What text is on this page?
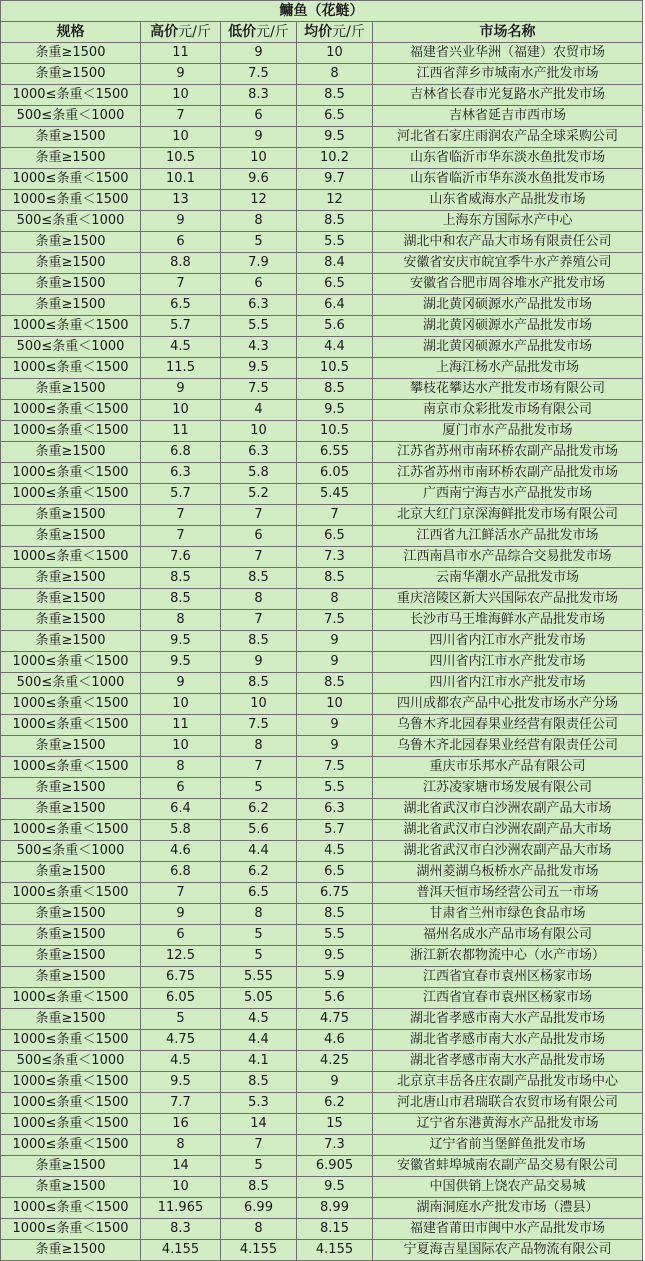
鳙鱼（花鲢）				
规格	高价元/斤	低价元/斤	均价元/斤	市场名称
条重≥1500	11	9	10	福建省兴业华洲（福建）农贸市场
条重≥1500	9	7.5	8	江西省萍乡市城南水产批发市场
1000≤条重＜1500	10	8.3	8.5	吉林省长春市光复路水产批发市场
500≤条重＜1000	7	6	6.5	吉林省延吉市西市场
条重≥1500	10	9	9.5	河北省石家庄雨润农产品全球采购公司
条重≥1500	10.5	10	10.2	山东省临沂市华东淡水鱼批发市场
1000≤条重＜1500	10.1	9.6	9.7	山东省临沂市华东淡水鱼批发市场
1000≤条重＜1500	13	12	12	山东省威海水产品批发市场
500≤条重＜1000	9	8	8.5	上海东方国际水产中心
条重≥1500	6	5	5.5	湖北中和农产品大市场有限责任公司
条重≥1500	8.8	7.9	8.4	安徽省安庆市皖宜季牛水产养殖公司
条重≥1500	7	6	6.5	安徽省合肥市周谷堆水产批发市场
条重≥1500	6.5	6.3	6.4	湖北黄冈硕源水产品批发市场
1000≤条重＜1500	5.7	5.5	5.6	湖北黄冈硕源水产品批发市场
500≤条重＜1000	4.5	4.3	4.4	湖北黄冈硕源水产品批发市场
1000≤条重＜1500	11.5	9.5	10.5	上海江杨水产品批发市场
条重≥1500	9	7.5	8.5	攀枝花攀达水产批发市场有限公司
1000≤条重＜1500	10	4	9.5	南京市众彩批发市场有限公司
1000≤条重＜1500	11	10	10.5	厦门市水产品批发市场
条重≥1500	6.8	6.3	6.55	江苏省苏州市南环桥农副产品批发市场
1000≤条重＜1500	6.3	5.8	6.05	江苏省苏州市南环桥农副产品批发市场
1000≤条重＜1500	5.7	5.2	5.45	广西南宁海吉水产品批发市场
条重≥1500	7	7	7	北京大红门京深海鲜批发市场有限公司
条重≥1500	7	6	6.5	江西省九江鲜活水产品批发市场
1000≤条重＜1500	7.6	7	7.3	江西南昌市水产品综合交易批发市场
条重≥1500	8.5	8.5	8.5	云南华潮水产品批发市场
条重≥1500	8.5	8	8	重庆涪陵区新大兴国际农产品批发市场
条重≥1500	8	7	7.5	长沙市马王堆海鲜水产品批发市场
条重≥1500	9.5	8.5	9	四川省内江市水产批发市场
1000≤条重＜1500	9.5	9	9	四川省内江市水产批发市场
500≤条重＜1000	9	8.5	8.5	四川省内江市水产批发市场
1000≤条重＜1500	10	10	10	四川成都农产品中心批发市场水产分场
1000≤条重＜1500	11	7.5	9	乌鲁木齐北园春果业经营有限责任公司
条重≥1500	10	8	9	乌鲁木齐北园春果业经营有限责任公司
1000≤条重＜1500	8	7	7.5	重庆市乐邦水产品有限公司
条重≥1500	6	5	5.5	江苏凌家塘市场发展有限公司
条重≥1500	6.4	6.2	6.3	湖北省武汉市白沙洲农副产品大市场
1000≤条重＜1500	5.8	5.6	5.7	湖北省武汉市白沙洲农副产品大市场
500≤条重＜1000	4.6	4.4	4.5	湖北省武汉市白沙洲农副产品大市场
条重≥1500	6.8	6.2	6.5	湖州菱湖乌板桥水产品批发市场
1000≤条重＜1500	7	6.5	6.75	普洱天恒市场经营公司五一市场
条重≥1500	9	8	8.5	甘肃省兰州市绿色食品市场
条重≥1500	6	5	5.5	福州名成水产品市场有限公司
条重≥1500	12.5	5	9.5	浙江新农都物流中心（水产市场）
条重≥1500	6.75	5.55	5.9	江西省宜春市袁州区杨家市场
1000≤条重＜1500	6.05	5.05	5.6	江西省宜春市袁州区杨家市场
条重≥1500	5	4.5	4.75	湖北省孝感市南大水产品批发市场
1000≤条重＜1500	4.75	4.4	4.6	湖北省孝感市南大水产品批发市场
500≤条重＜1000	4.5	4.1	4.25	湖北省孝感市南大水产品批发市场
1000≤条重＜1500	9.5	8.5	9	北京京丰岳各庄农副产品批发市场中心
1000≤条重＜1500	7.7	5.3	6.2	河北唐山市君瑞联合农贸市场有限公司
1000≤条重＜1500	16	14	15	辽宁省东港黄海水产品批发市场
1000≤条重＜1500	8	7	7.3	辽宁省前当堡鲜鱼批发市场
条重≥1500	14	5	6.905	安徽省蚌埠城南农副产品交易有限公司
条重≥1500	10	8.5	9.5	中国供销上饶农产品交易城
1000≤条重＜1500	11.965	6.99	8.99	湖南洞庭水产批发市场（澧县）
1000≤条重＜1500	8.3	8	8.15	福建省莆田市闽中水产品批发市场
条重≥1500	4.155	4.155	4.155	宁夏海吉星国际农产品物流有限公司
